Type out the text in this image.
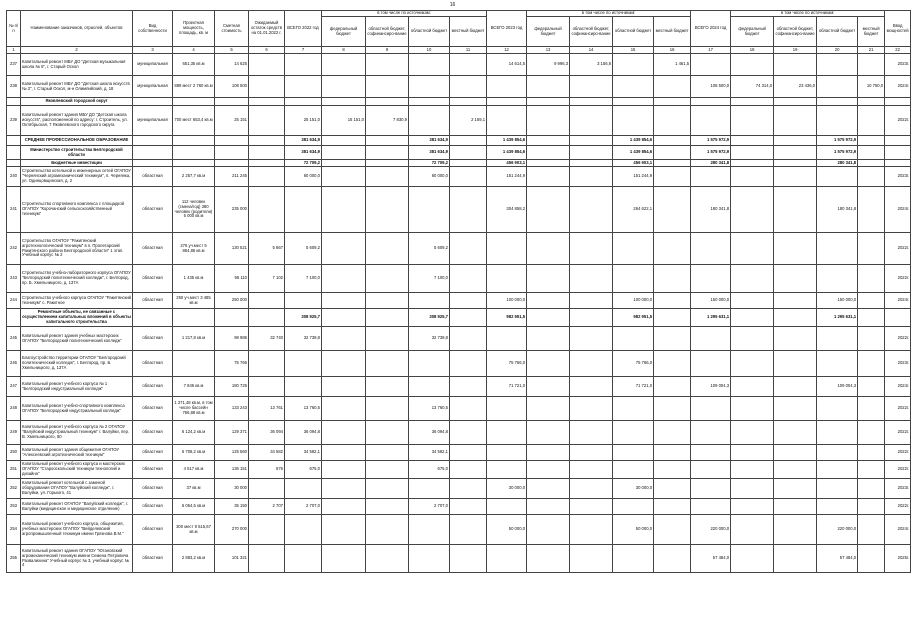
16
№ п/п	Наименование заказчиков, отраслей, объектов	Вид собственности	Проектная мощность, площадь, кв. м	Сметная стоимость	Ожидаемый остаток средств на 01.01.2022 г.	ВСЕГО 2022 год	в том числе по источникам:				ВСЕГО 2023 год	в том числе по источникам:				ВСЕГО 2024 год	в том числе по источникам:				Ввод мощностей
							федеральный бюджет	областной бюджет, софинансиро-вание	областной бюджет	местный бюджет		федеральный бюджет	областной бюджет, софинансиро-вание	областной бюджет	местный бюджет		федеральный бюджет	областной бюджет, софинансиро-вание	областной бюджет	местный бюджет	
1	2	3	4	5	6	7	8	9	10	11	12	13	14	15	16	17	18	19	20	21	22
237	Капитальный ремонт МБУ ДО "Детская музыкальная школа № 5", г. Старый Оскол	муниципальная	651,35 кв.м	14 625							14 614,5	9 996,3	3 156,6		1 461,5						2023г.
238	Капитальный ремонт МБУ ДО "Детская школа искусств № 3", г. Старый Оскол, м-н Олимпийский, д. 18	муниципальная	889 мест 2 760 кв.м	108 500												108 500,0	74 314,0	23 436,0		10 750,0	2024г.
	Яковлевский городской округ																				
239	Капитальный ремонт здания МБУ ДО "Детская школа искусств", расположенной по адресу: г. Строитель, ул. Октябрьская, 7 Яковлевского городского округа	муниципальная	700 мест 653,4 кв.м	25 151		25 151,0	15 151,0	7 830,9		2 169,1											2022г.
	СРЕДНЕЕ ПРОФЕССИОНАЛЬНОЕ ОБРАЗОВАНИЕ					381 634,9			381 634,9		1 439 854,6			1 439 854,6		1 575 972,9			1 575 972,9		
	Министерство строительства Белгородской области					381 634,9			381 634,9		1 439 854,6			1 439 854,6		1 575 972,9			1 575 972,9		
	Бюджетные инвестиции					72 709,2			72 709,2		456 903,1			456 903,1		280 341,8			280 341,8		
240	Строительство котельной и инженерных сетей ОГАПОУ "Чернянский агромеханический техникум", п. Чернянка, ул. Одинцовщинская, д. 2	областная	2 257,7 кв.м	211 245		60 000,0			60 000,0		151 244,9			151 244,9							2023г.
241	Строительство спортивного комплекса с площадкой ОГАПОУ "Корочанский сельскохозяйственный техникум"	областная	112 человек (смена/год) 380 человек (родители) 5 000 кв.м	235 000							304 858,2			264 622,1		180 341,8			180 341,8		2024г.
242	Строительство ОГАПОУ "Ракитянский агротехнологический техникум" в п. Пролетарский Ракитянского района Белгородской области" 1 этап. Учебный корпус № 2	областная	276 уч.мест 5 864,86 кв.м	130 521	5 667	5 609,2			5 609,2												2022г.
243	Строительство учебно-лабораторного корпуса ОГАПОУ "Белгородский политехнический колледж", г. Белгород, пр. Б. Хмельницкого, д. 137А	областная	1 435 кв.м	95 110	7 102	7 100,0			7 100,0												2022г.
244	Строительство учебного корпуса ОГАПОУ "Ракитянский техникум" с. Ракитное	областная	250 уч.мест 3 485 кв.м	250 000							100 000,0			100 000,0		150 000,0			150 000,0		2024г.
	Ремонтные объекты, не связанные с осуществлением капитальных вложений в объекты капитального строительства					308 925,7			308 925,7		982 951,5			982 951,5		1 295 631,1			1 295 631,1		
245	Капитальный ремонт здания учебных мастерских ОГАПОУ "Белгородский политехнический колледж"	областная	1 217,8 кв.м	98 986	32 740	32 739,8			32 739,8												2022г.
246	Благоустройство территории ОГАПОУ "Белгородский политехнический колледж", г. Белгород, пр. Б. Хмельницкого, д. 137А	областная		75 766							75 766,0			75 766,0							2023г.
247	Капитальный ремонт учебного корпуса № 1 "Белгородский индустриальный колледж"	областная	7 846 кв.м	180 725							71 721,0			71 721,0		109 004,3			109 004,3		2024г.
248	Капитальный ремонт учебно-спортивного комплекса ОГАПОУ "Белгородский индустриальный колледж"	областная	1 371,48 кв.м, в том числе бассейн 766,88 кв.м	133 243	13 761	13 760,5			13 760,5												2022г.
249	Капитальный ремонт учебного корпуса № 2 ОГАПОУ "Валуйский индустриальный техникум" г. Валуйки, пер. В. Хмельницкого, 80	областная	6 124,2 кв.м	129 371	36 094	36 094,8			36 094,8												2022г.
250	Капитальный ремонт здания общежития ОГАПОУ "Алексеевский агротехнический техникум"	областная	5 708,2 кв.м	125 560	34 582	34 582,1			34 582,1												2022г.
251	Капитальный ремонт учебного корпуса и мастерских ОГАПОУ "Старооскольский техникум технологий и дизайна"	областная	4 517 кв.м	136 151	676	675,0			675,0												2022г.
252	Капитальный ремонт котельной с заменой оборудования ОГАПОУ "Валуйский колледж", г. Валуйки, ул. Горького, 41	областная	37 кв.м	30 000							30 000,0			30 000,0							2023г.
253	Капитальный ремонт ОГАПОУ "Валуйский колледж", г. Валуйки (медицинское и медицинское отделение)	областная	6 054,5 кв.м	35 150	2 707	2 707,0			2 707,0												2022г.
254	Капитальный ремонт учебного корпуса, общежития, учебных мастерских ОГАПОУ "Вейделевский агропромышленный техникум имени Грязнова В.М."	областная	300 мест 9 515,67 кв.м	270 000							50 000,0			50 000,0		220 000,0			220 000,0		2024г.
255	Капитальный ремонт здания ОГАПОУ "Ютановский агромеханический техникум имени Семена Петровича Развалихина" Учебный корпус № 3, учебный корпус № 4	областная	2 883,2 кв.м	101 321												57 484,0			57 484,0		2025г.
